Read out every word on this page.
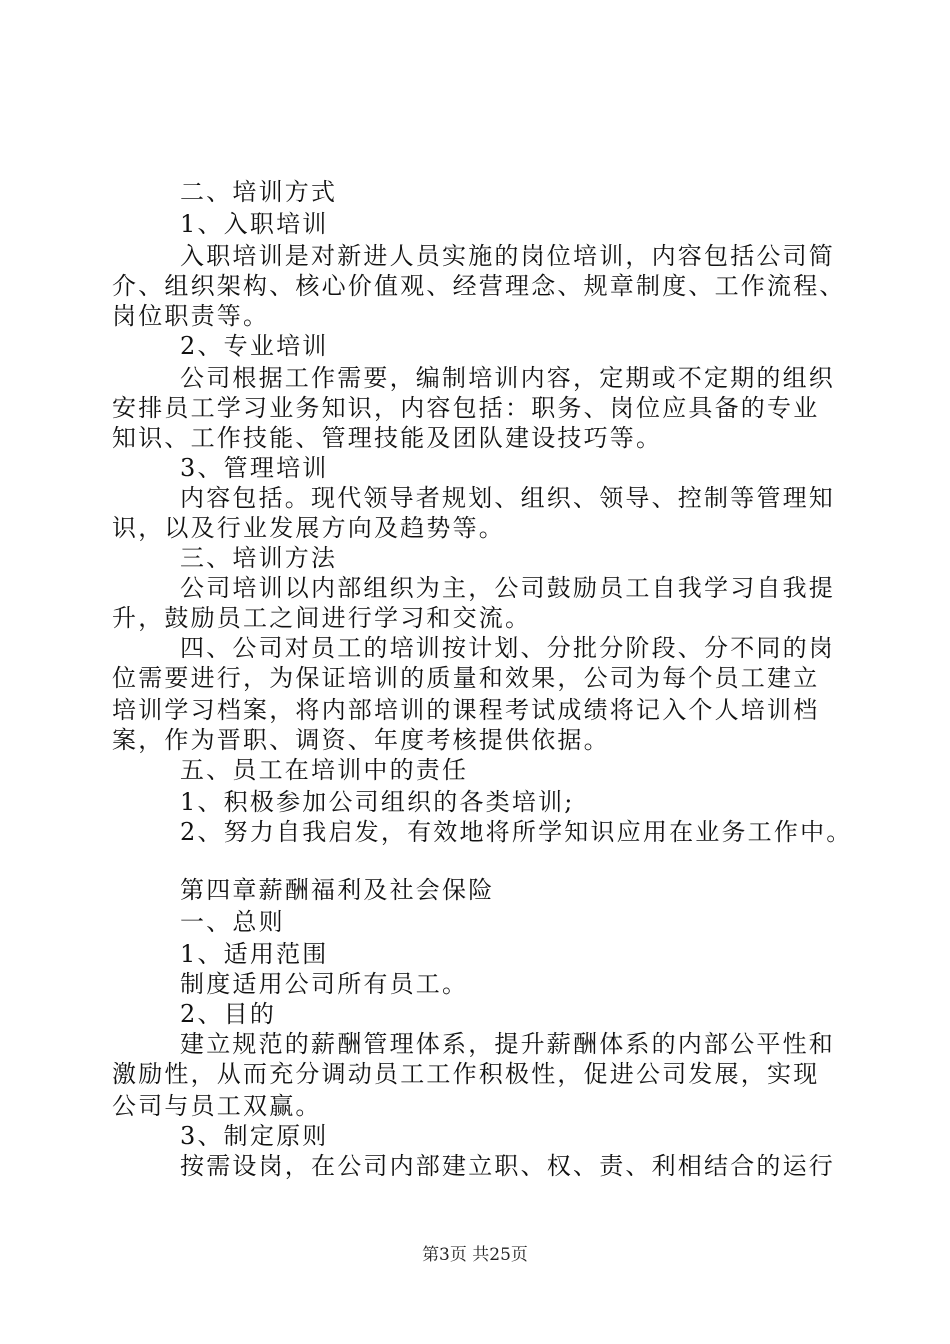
二、培训方式
1、入职培训
入职培训是对新进人员实施的岗位培训，内容包括公司简
介、组织架构、核心价值观、经营理念、规章制度、工作流程、
岗位职责等。
2、专业培训
公司根据工作需要，编制培训内容，定期或不定期的组织
安排员工学习业务知识，内容包括：职务、岗位应具备的专业
知识、工作技能、管理技能及团队建设技巧等。
3、管理培训
内容包括。现代领导者规划、组织、领导、控制等管理知
识，以及行业发展方向及趋势等。
三、培训方法
公司培训以内部组织为主，公司鼓励员工自我学习自我提
升，鼓励员工之间进行学习和交流。
四、公司对员工的培训按计划、分批分阶段、分不同的岗
位需要进行，为保证培训的质量和效果，公司为每个员工建立
培训学习档案，将内部培训的课程考试成绩将记入个人培训档
案，作为晋职、调资、年度考核提供依据。
五、员工在培训中的责任
1、积极参加公司组织的各类培训;
2、努力自我启发，有效地将所学知识应用在业务工作中。
第四章薪酬福利及社会保险
一、总则
1、适用范围
制度适用公司所有员工。
2、目的
建立规范的薪酬管理体系，提升薪酬体系的内部公平性和
激励性，从而充分调动员工工作积极性，促进公司发展，实现
公司与员工双赢。
3、制定原则
按需设岗，在公司内部建立职、权、责、利相结合的运行
第3页 共25页
